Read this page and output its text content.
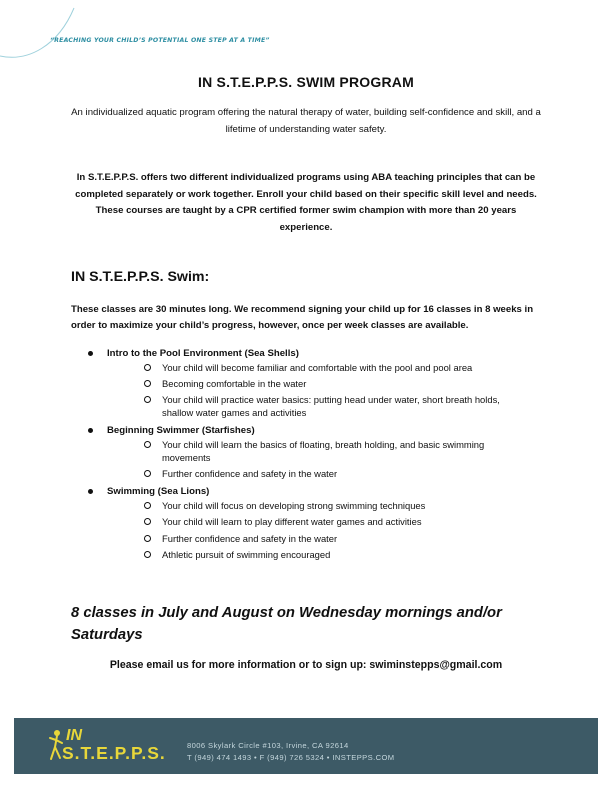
“REACHING YOUR CHILD’S POTENTIAL ONE STEP AT A TIME”
IN S.T.E.P.P.S. SWIM PROGRAM
An individualized aquatic program offering the natural therapy of water, building self-confidence and skill, and a lifetime of understanding water safety.
In S.T.E.P.P.S. offers two different individualized programs using ABA teaching principles that can be completed separately or work together. Enroll your child based on their specific skill level and needs. These courses are taught by a CPR certified former swim champion with more than 20 years experience.
IN S.T.E.P.P.S. Swim:
These classes are 30 minutes long. We recommend signing your child up for 16 classes in 8 weeks in order to maximize your child’s progress, however, once per week classes are available.
Intro to the Pool Environment (Sea Shells)
Your child will become familiar and comfortable with the pool and pool area
Becoming comfortable in the water
Your child will practice water basics: putting head under water, short breath holds, shallow water games and activities
Beginning Swimmer (Starfishes)
Your child will learn the basics of floating, breath holding, and basic swimming movements
Further confidence and safety in the water
Swimming (Sea Lions)
Your child will focus on developing strong swimming techniques
Your child will learn to play different water games and activities
Further confidence and safety in the water
Athletic pursuit of swimming encouraged
8 classes in July and August on Wednesday mornings and/or Saturdays
Please email us for more information or to sign up: swiminstepps@gmail.com
IN
S.T.E.P.P.S.	8006 Skylark Circle #103, Irvine, CA 92614
T (949) 474 1493 • F (949) 726 5324 • INSTEPPS.COM
